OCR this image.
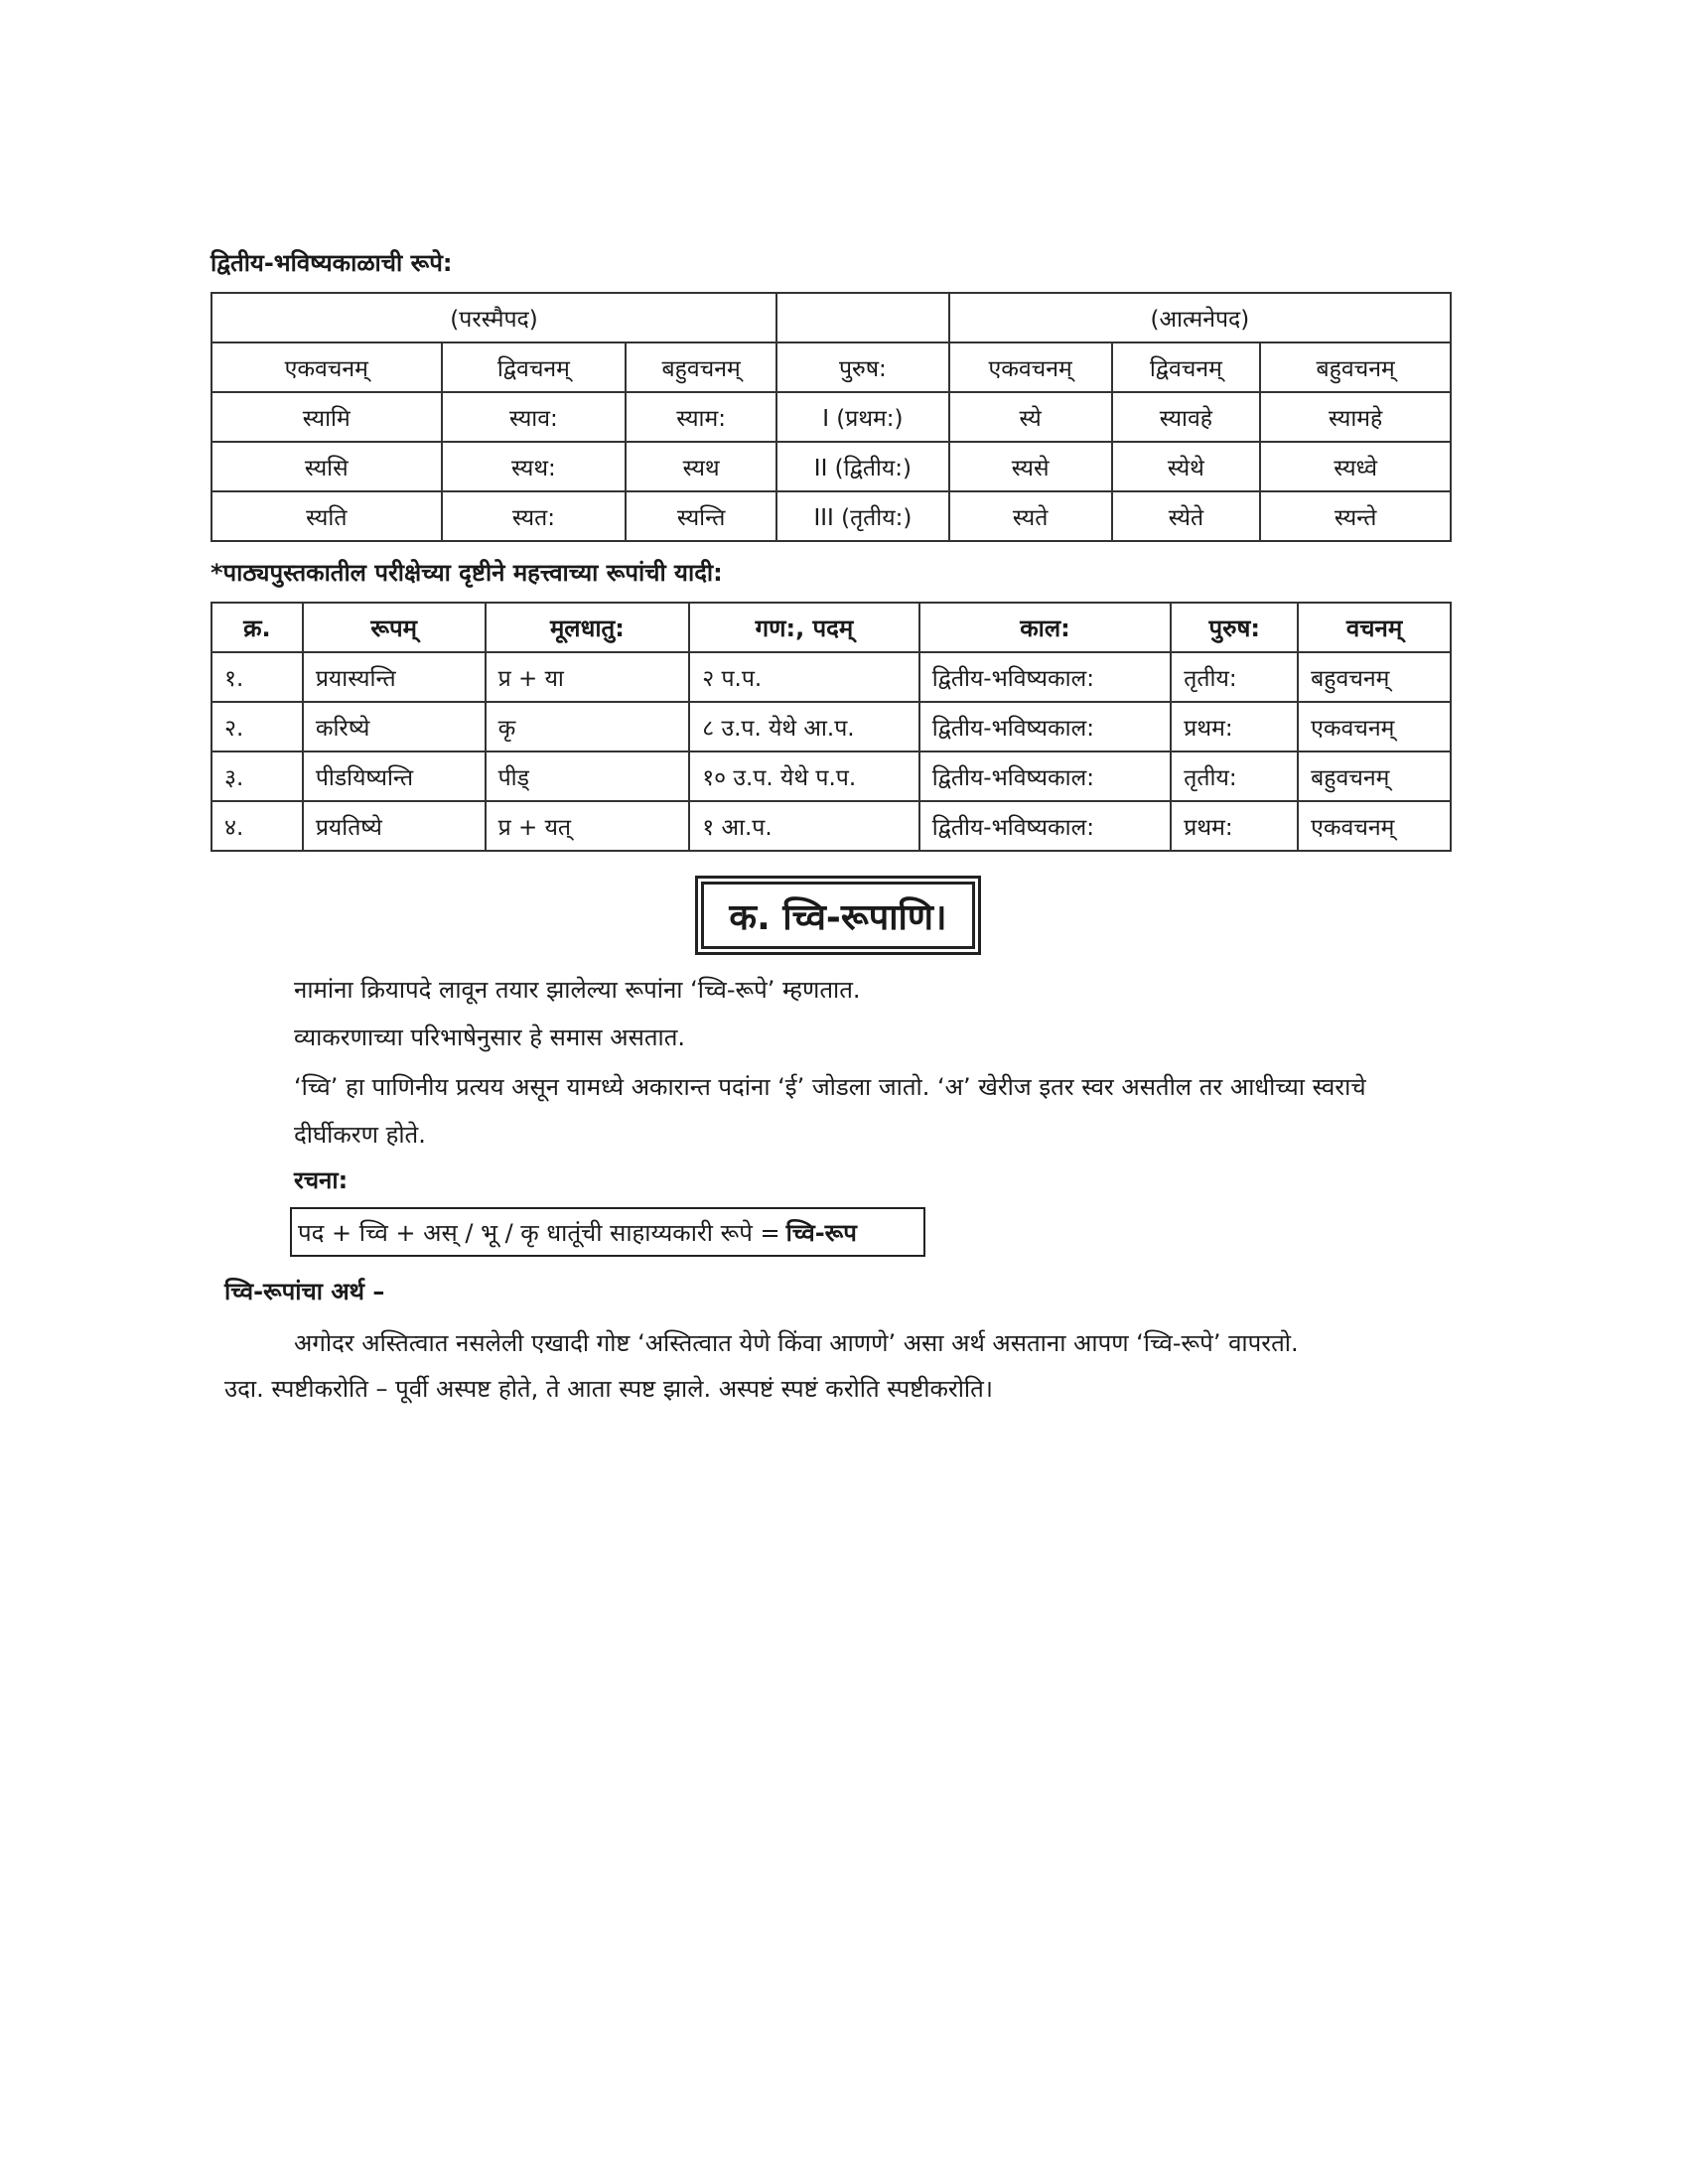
द्वितीय-भविष्यकाळाची रूपे:
(परस्मैपद)				(आत्मनेपद)		
एकवचनम्	द्विवचनम्	बहुवचनम्	पुरुष:	एकवचनम्	द्विवचनम्	बहुवचनम्
स्यामि	स्याव:	स्याम:	I (प्रथम:)	स्ये	स्यावहे	स्यामहे
स्यसि	स्यथ:	स्यथ	II (द्वितीय:)	स्यसे	स्येथे	स्यध्वे
स्यति	स्यत:	स्यन्ति	III (तृतीय:)	स्यते	स्येते	स्यन्ते
*पाठ्यपुस्तकातील परीक्षेच्या दृष्टीने महत्त्वाच्या रूपांची यादी:
क्र.	रूपम्	मूलधातु:	गण:, पदम्	काल:	पुरुष:	वचनम्
१.	प्रयास्यन्ति	प्र + या	२ प.प.	द्वितीय-भविष्यकाल:	तृतीय:	बहुवचनम्
२.	करिष्ये	कृ	८ उ.प. येथे आ.प.	द्वितीय-भविष्यकाल:	प्रथम:	एकवचनम्
३.	पीडयिष्यन्ति	पीड्	१० उ.प. येथे प.प.	द्वितीय-भविष्यकाल:	तृतीय:	बहुवचनम्
४.	प्रयतिष्ये	प्र + यत्	१ आ.प.	द्वितीय-भविष्यकाल:	प्रथम:	एकवचनम्
क. च्वि-रूपाणि।
नामांना क्रियापदे लावून तयार झालेल्या रूपांना ‘च्वि-रूपे’ म्हणतात.
व्याकरणाच्या परिभाषेनुसार हे समास असतात.
‘च्वि’ हा पाणिनीय प्रत्यय असून यामध्ये अकारान्त पदांना ‘ई’ जोडला जातो. ‘अ’ खेरीज इतर स्वर असतील तर आधीच्या स्वराचे
दीर्घीकरण होते.
रचना:
पद + च्वि + अस् / भू / कृ धातूंची साहाय्यकारी रूपे = च्वि-रूप
च्वि-रूपांचा अर्थ –
अगोदर अस्तित्वात नसलेली एखादी गोष्ट ‘अस्तित्वात येणे किंवा आणणे’ असा अर्थ असताना आपण ‘च्वि-रूपे’ वापरतो.
उदा. स्पष्टीकरोति – पूर्वी अस्पष्ट होते, ते आता स्पष्ट झाले. अस्पष्टं स्पष्टं करोति स्पष्टीकरोति।
